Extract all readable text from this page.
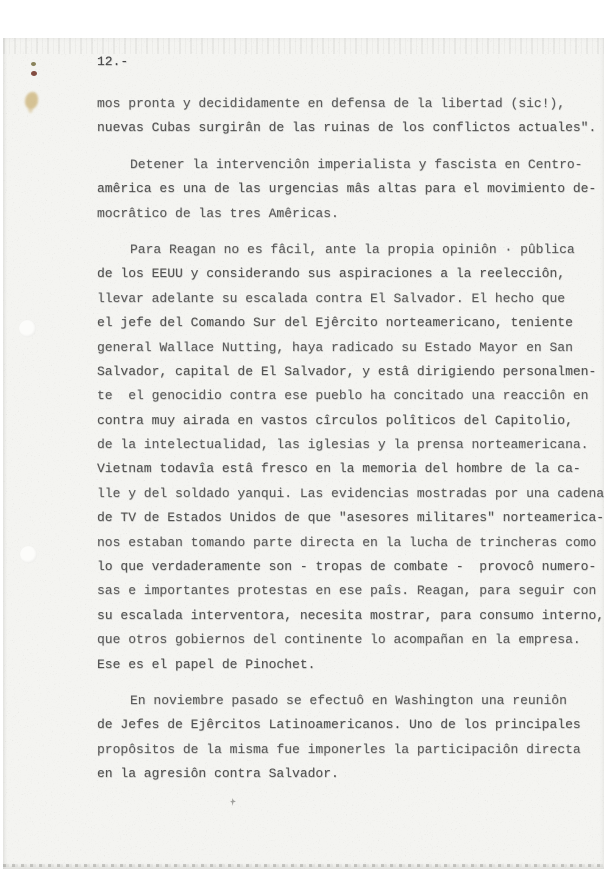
12.-
mos pronta y decididamente en defensa de la libertad (sic!),
nuevas Cubas surgirân de las ruinas de los conflictos actuales".
Detener la intervenciôn imperialista y fascista en Centro-
amêrica es una de las urgencias mâs altas para el movimiento de-
mocrâtico de las tres Amêricas.
Para Reagan no es fâcil, ante la propia opiniôn · pûblica
de los EEUU y considerando sus aspiraciones a la reelecciôn,
llevar adelante su escalada contra El Salvador. El hecho que
el jefe del Comando Sur del Ejêrcito norteamericano, teniente
general Wallace Nutting, haya radicado su Estado Mayor en San
Salvador, capital de El Salvador, y estâ dirigiendo personalmen-
te  el genocidio contra ese pueblo ha concitado una reacciôn en
contra muy airada en vastos cîrculos polîticos del Capitolio,
de la intelectualidad, las iglesias y la prensa norteamericana.
Vietnam todavîa estâ fresco en la memoria del hombre de la ca-
lle y del soldado yanqui. Las evidencias mostradas por una cadena
de TV de Estados Unidos de que "asesores militares" norteamerica-
nos estaban tomando parte directa en la lucha de trincheras como
lo que verdaderamente son - tropas de combate -  provocô numero-
sas e importantes protestas en ese paîs. Reagan, para seguir con
su escalada interventora, necesita mostrar, para consumo interno,
que otros gobiernos del continente lo acompañan en la empresa.
Ese es el papel de Pinochet.
En noviembre pasado se efectuô en Washington una reuniôn
de Jefes de Ejêrcitos Latinoamericanos. Uno de los principales
propôsitos de la misma fue imponerles la participaciôn directa
en la agresiôn contra Salvador.
